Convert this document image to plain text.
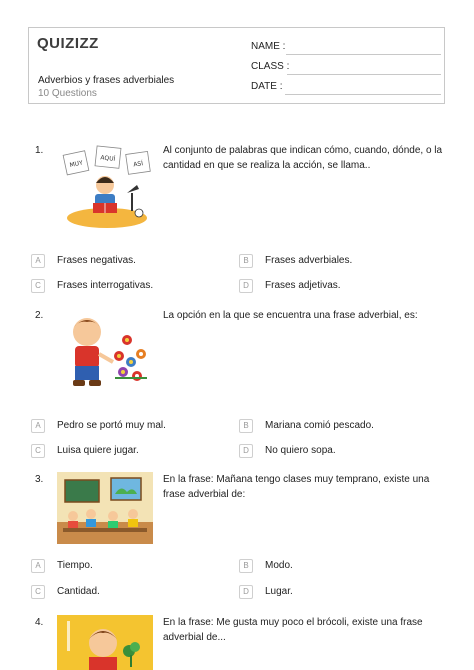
QUIZIZZ
Adverbios y frases adverbiales
10 Questions
NAME :
CLASS :
DATE :
1.
MUY
AQUÍ
ASÍ
Al conjunto de palabras que indican cómo, cuando, dónde, o la cantidad en que se realiza la acción, se llama..
A	Frases negativas.	B	Frases adverbiales.
C	Frases interrogativas.	D	Frases adjetivas.
2.	La opción en la que se encuentra una frase adverbial, es:
A	Pedro se portó muy mal.	B	Mariana comió pescado.
C	Luisa quiere jugar.	D	No quiero sopa.
3.	En la frase: Mañana tengo clases muy temprano, existe una frase adverbial de:
A	Tiempo.	B	Modo.
C	Cantidad.	D	Lugar.
4.	En la frase: Me gusta muy poco el brócoli, existe una frase adverbial de...
